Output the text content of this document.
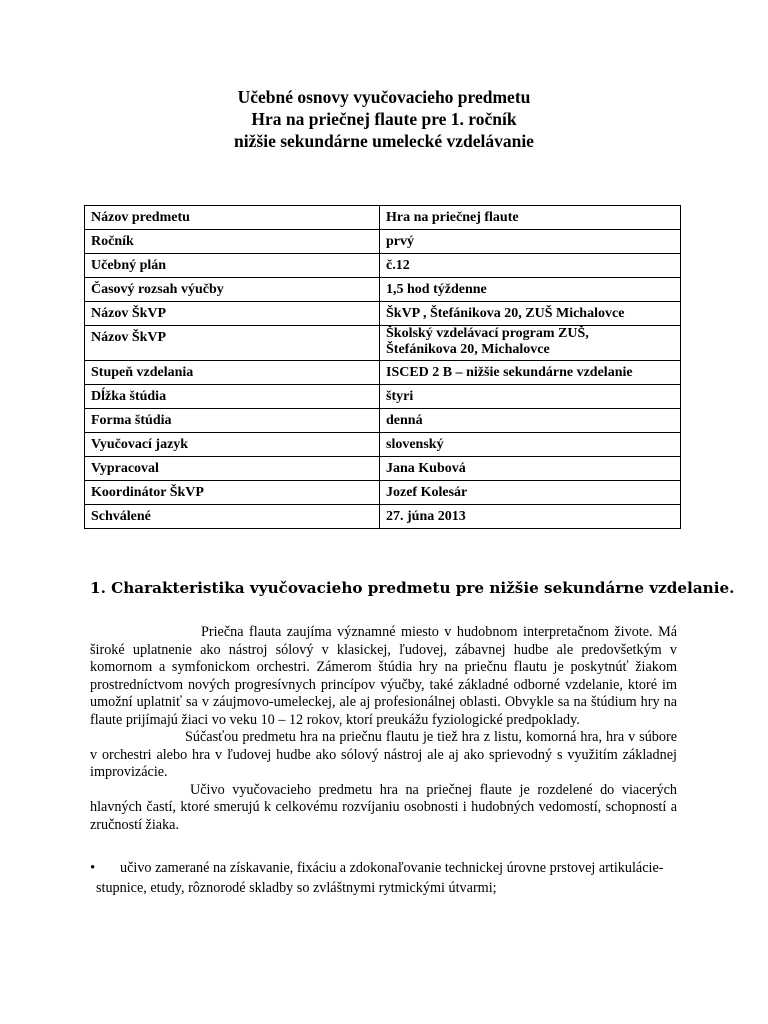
Učebné osnovy vyučovacieho predmetu
Hra na priečnej flaute pre 1. ročník
nižšie sekundárne umelecké vzdelávanie
Názov predmetu	Hra na priečnej flaute

Ročník	prvý

Učebný plán	č.12

Časový rozsah výučby	1,5 hod týždenne

Názov ŠkVP	ŠkVP , Štefánikova 20, ZUŠ Michalovce

Názov ŠkVP	Školský vzdelávací program ZUŠ,
Štefánikova 20, Michalovce

Stupeň vzdelania	ISCED 2 B – nižšie sekundárne vzdelanie

Dĺžka štúdia	štyri

Forma štúdia	denná

Vyučovací jazyk	slovenský

Vypracoval	Jana Kubová

Koordinátor ŠkVP	Jozef Kolesár

Schválené	27. júna 2013
1. Charakteristika vyučovacieho predmetu pre nižšie sekundárne vzdelanie.

Priečna flauta zaujíma významné miesto v hudobnom interpretačnom živote. Má široké uplatnenie ako nástroj sólový v klasickej, ľudovej, zábavnej hudbe ale predovšetkým v komornom a symfonickom orchestri. Zámerom štúdia hry na priečnu flautu je poskytnúť žiakom prostredníctvom nových progresívnych princípov výučby, také základné odborné vzdelanie, ktoré im umožní uplatniť sa v záujmovo-umeleckej, ale aj profesionálnej oblasti. Obvykle sa na štúdium hry na flaute prijímajú žiaci vo veku 10 – 12 rokov, ktorí preukážu fyziologické predpoklady.

Súčasťou predmetu hra na priečnu flautu je tiež hra z listu, komorná hra, hra v súbore v orchestri alebo hra v ľudovej hudbe ako sólový nástroj ale aj ako sprievodný s využitím základnej improvizácie.

Učivo vyučovacieho predmetu hra na priečnej flaute je rozdelené do viacerých hlavných častí, ktoré smerujú k celkovému rozvíjaniu osobnosti i hudobných vedomostí, schopností a zručností žiaka.

• učivo zamerané na získavanie, fixáciu a zdokonaľovanie technickej úrovne prstovej artikulácie- stupnice, etudy, rôznorodé skladby so zvláštnymi rytmickými útvarmi;
